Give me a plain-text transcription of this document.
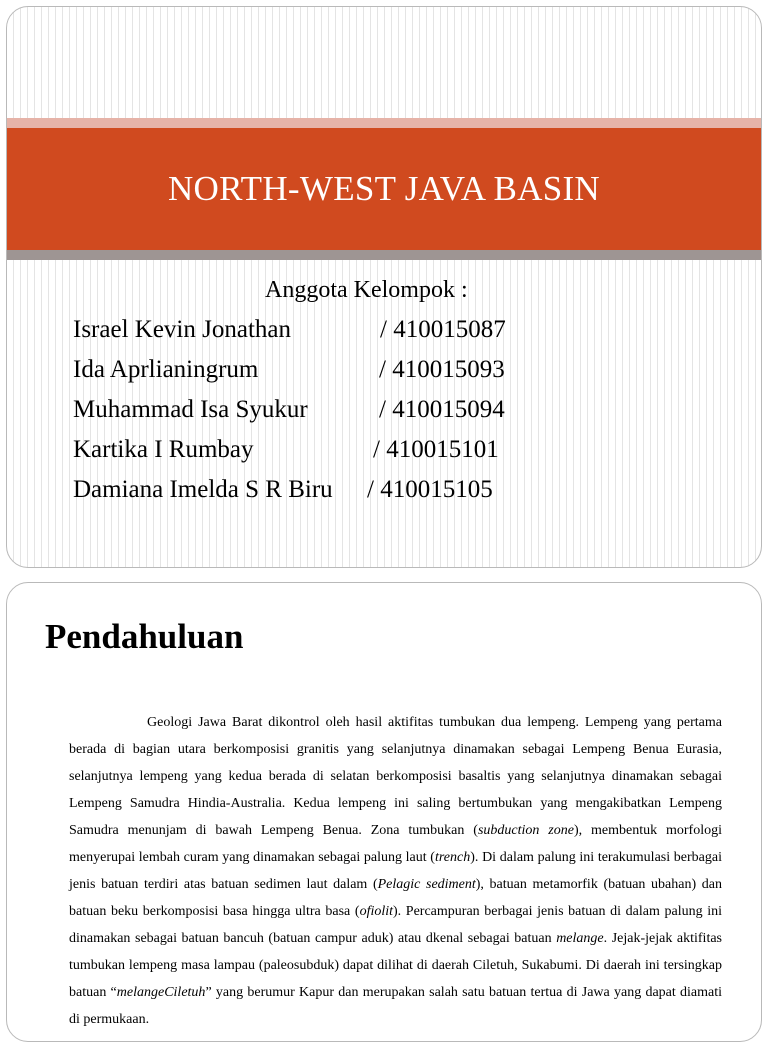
NORTH-WEST JAVA BASIN
Anggota Kelompok :
Israel Kevin Jonathan	/ 410015087
Ida Aprlianingrum	/ 410015093
Muhammad Isa Syukur	/ 410015094
Kartika I Rumbay	/ 410015101
Damiana Imelda S R Biru / 410015105
Pendahuluan

Geologi Jawa Barat dikontrol oleh hasil aktifitas tumbukan dua lempeng. Lempeng yang pertama berada di bagian utara berkomposisi granitis yang selanjutnya dinamakan sebagai Lempeng Benua Eurasia, selanjutnya lempeng yang kedua berada di selatan berkomposisi basaltis yang selanjutnya dinamakan sebagai Lempeng Samudra Hindia-Australia. Kedua lempeng ini saling bertumbukan yang mengakibatkan Lempeng Samudra menunjam di bawah Lempeng Benua. Zona tumbukan (subduction zone), membentuk morfologi menyerupai lembah curam yang dinamakan sebagai palung laut (trench). Di dalam palung ini terakumulasi berbagai jenis batuan terdiri atas batuan sedimen laut dalam (Pelagic sediment), batuan metamorfik (batuan ubahan) dan batuan beku berkomposisi basa hingga ultra basa (ofiolit). Percampuran berbagai jenis batuan di dalam palung ini dinamakan sebagai batuan bancuh (batuan campur aduk) atau dkenal sebagai batuan melange. Jejak-jejak aktifitas tumbukan lempeng masa lampau (paleosubduk) dapat dilihat di daerah Ciletuh, Sukabumi. Di daerah ini tersingkap batuan “melangeCiletuh” yang berumur Kapur dan merupakan salah satu batuan tertua di Jawa yang dapat diamati di permukaan.
